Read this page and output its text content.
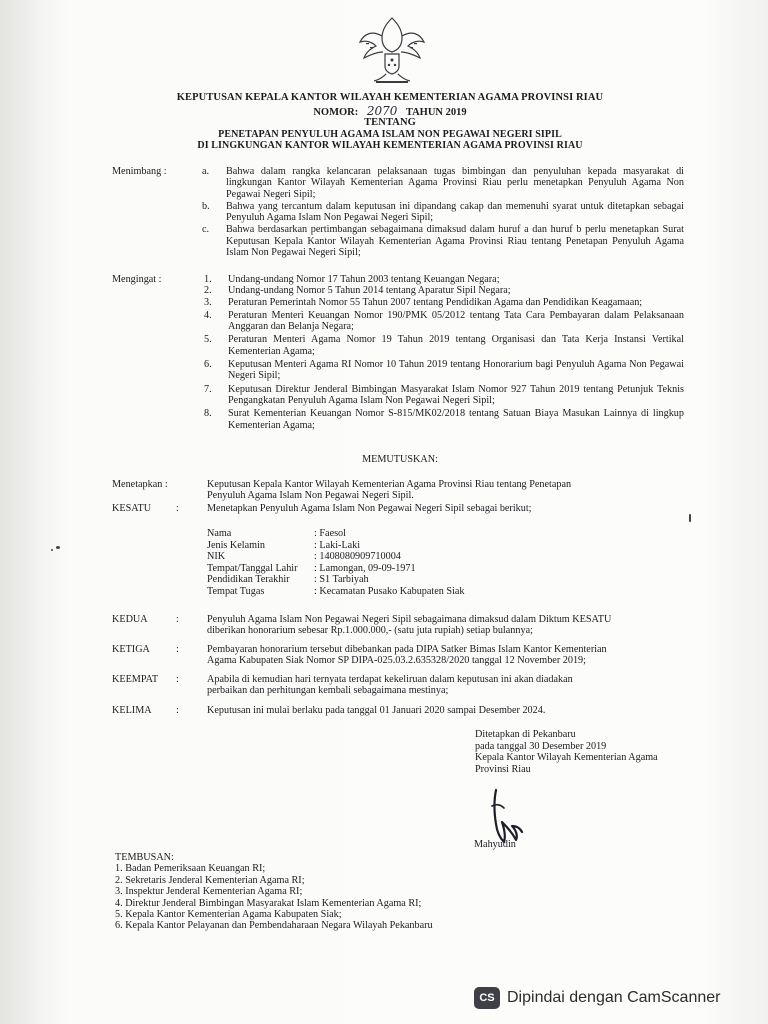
KEPUTUSAN KEPALA KANTOR WILAYAH KEMENTERIAN AGAMA PROVINSI RIAU
NOMOR: 2070 TAHUN 2019
TENTANG
PENETAPAN PENYULUH AGAMA ISLAM NON PEGAWAI NEGERI SIPIL
DI LINGKUNGAN KANTOR WILAYAH KEMENTERIAN AGAMA PROVINSI RIAU
Menimbang :	a.	Bahwa dalam rangka kelancaran pelaksanaan tugas bimbingan dan penyuluhan kepada masyarakat di lingkungan Kantor Wilayah Kementerian Agama Provinsi Riau perlu menetapkan Penyuluh Agama Non Pegawai Negeri Sipil;
b.	Bahwa yang tercantum dalam keputusan ini dipandang cakap dan memenuhi syarat untuk ditetapkan sebagai Penyuluh Agama Islam Non Pegawai Negeri Sipil;
c.	Bahwa berdasarkan pertimbangan sebagaimana dimaksud dalam huruf a dan huruf b perlu menetapkan Surat Keputusan Kepala Kantor Wilayah Kementerian Agama Provinsi Riau tentang Penetapan Penyuluh Agama Islam Non Pegawai Negeri Sipil;
Mengingat :	1.	Undang-undang Nomor 17 Tahun 2003 tentang Keuangan Negara;
2.	Undang-undang Nomor 5 Tahun 2014 tentang Aparatur Sipil Negara;
3.	Peraturan Pemerintah Nomor 55 Tahun 2007 tentang Pendidikan Agama dan Pendidikan Keagamaan;
4.	Peraturan Menteri Keuangan Nomor 190/PMK 05/2012 tentang Tata Cara Pembayaran dalam Pelaksanaan Anggaran dan Belanja Negara;
5.	Peraturan Menteri Agama Nomor 19 Tahun 2019 tentang Organisasi dan Tata Kerja Instansi Vertikal Kementerian Agama;
6.	Keputusan Menteri Agama RI Nomor 10 Tahun 2019 tentang Honorarium bagi Penyuluh Agama Non Pegawai Negeri Sipil;
7.	Keputusan Direktur Jenderal Bimbingan Masyarakat Islam Nomor 927 Tahun 2019 tentang Petunjuk Teknis Pengangkatan Penyuluh Agama Islam Non Pegawai Negeri Sipil;
8.	Surat Kementerian Keuangan Nomor S-815/MK02/2018 tentang Satuan Biaya Masukan Lainnya di lingkup Kementerian Agama;
MEMUTUSKAN:
Menetapkan :	Keputusan Kepala Kantor Wilayah Kementerian Agama Provinsi Riau tentang Penetapan
Penyuluh Agama Islam Non Pegawai Negeri Sipil.
KESATU :	Menetapkan Penyuluh Agama Islam Non Pegawai Negeri Sipil sebagai berikut;
Nama	: Faesol
Jenis Kelamin	: Laki-Laki
NIK	: 1408080909710004
Tempat/Tanggal Lahir : Lamongan, 09-09-1971
Pendidikan Terakhir : S1 Tarbiyah
Tempat Tugas	: Kecamatan Pusako Kabupaten Siak
KEDUA	:	Penyuluh Agama Islam Non Pegawai Negeri Sipil sebagaimana dimaksud dalam Diktum KESATU
diberikan honorarium sebesar Rp.1.000.000,- (satu juta rupiah) setiap bulannya;
KETIGA	:	Pembayaran honorarium tersebut dibebankan pada DIPA Satker Bimas Islam Kantor Kementerian
Agama Kabupaten Siak Nomor SP DIPA-025.03.2.635328/2020 tanggal 12 November 2019;
KEEMPAT :	Apabila di kemudian hari ternyata terdapat kekeliruan dalam keputusan ini akan diadakan
perbaikan dan perhitungan kembali sebagaimana mestinya;
KELIMA :	Keputusan ini mulai berlaku pada tanggal 01 Januari 2020 sampai Desember 2024.
Ditetapkan di Pekanbaru
pada tanggal 30 Desember 2019
Kepala Kantor Wilayah Kementerian Agama
Provinsi Riau
Mahyudin
TEMBUSAN:
1. Badan Pemeriksaan Keuangan RI;
2. Sekretaris Jenderal Kementerian Agama RI;
3. Inspektur Jenderal Kementerian Agama RI;
4. Direktur Jenderal Bimbingan Masyarakat Islam Kementerian Agama RI;
5. Kepala Kantor Kementerian Agama Kabupaten Siak;
6. Kepala Kantor Pelayanan dan Pembendaharaan Negara Wilayah Pekanbaru
CS Dipindai dengan CamScanner
